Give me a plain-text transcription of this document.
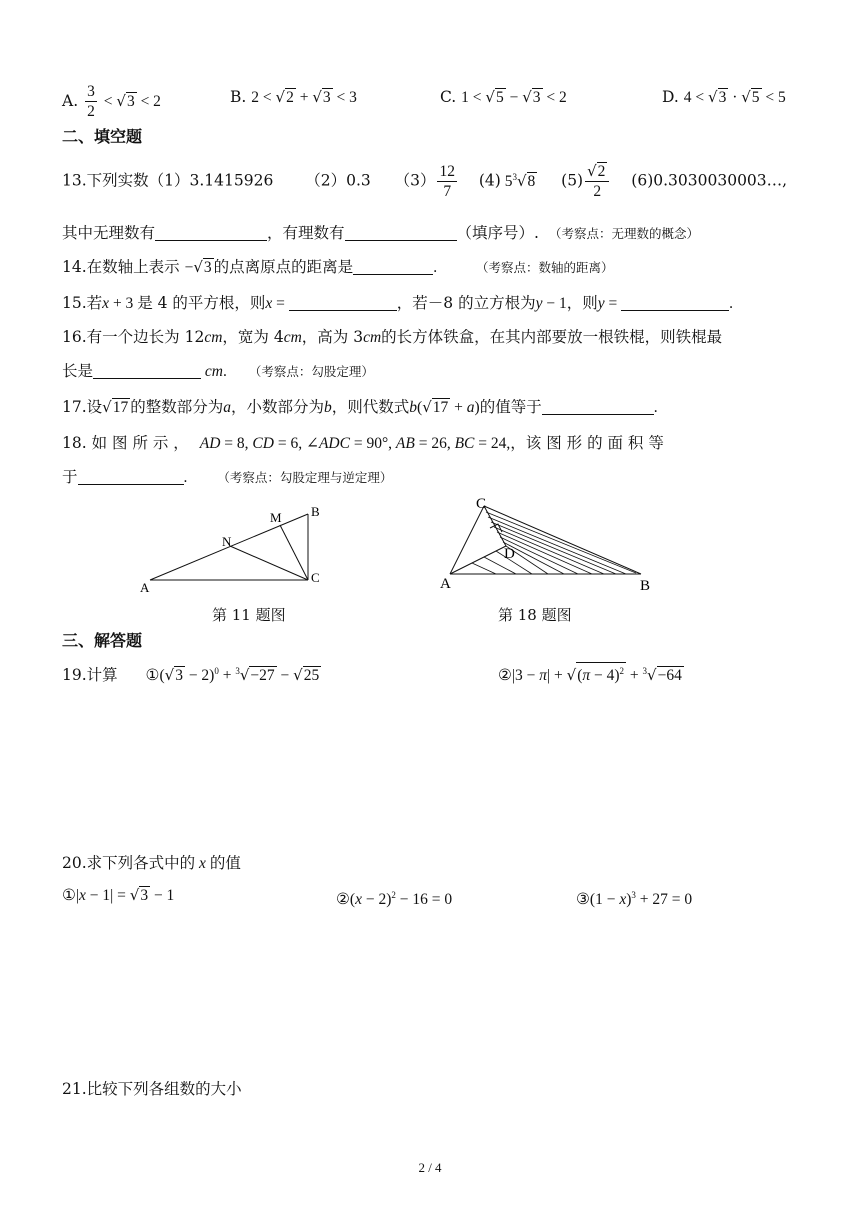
A. $\frac{3}{2} < √3 < 2$	B. 2 < √2 + √3 < 3	C. 1 < √5 − √3 < 2	D. 4 < √3 · √5 < 5
二、填空题
13.下列实数（1）3.1415926 （2）0.3 $(3) \frac{12}{7} (4)$ $5^3√8$ $(5) \frac{√2}{2}$ (6)0.3030030003…,
其中无理数有	，有理数有	（填序号）. （考察点：无理数的概念）
14.在数轴上表示 −√3 的点离原点的距离是	.	（考察点：数轴的距离）
15.若x + 3 是 4 的平方根，则x =	，若－8 的立方根为y − 1，则y =	.
16.有一个边长为 12cm，宽为 4cm，高为 3cm的长方体铁盒，在其内部要放一根铁棍，则铁棍最
长是	cm. （考察点：勾股定理）
17.设√17 的整数部分为a，小数部分为b，则代数式b(√17 + a)的值等于	.
18. 如 图 所 示 ， AD = 8, CD = 6, ∠ADC = 90°, AB = 26, BC = 24,，该 图 形 的 面 积 等
于	. （考察点：勾股定理与逆定理）
A
N
M B
C
第 11 题图
C
D
A	B
第 18 题图
三、解答题
19.计算 ①(√3 − 2)$^0$ + $^3$√−27 − √25	②|3 − $\pi| + √(\pi - 4)^2 + ^3√-64$
20.求下列各式中的 x 的值
①|x − 1| = √3 − 1	②(x − 2)$^2$ − 16 = 0	③(1 − x)$^3$ + 27 = 0
21.比较下列各组数的大小
2 / 4
